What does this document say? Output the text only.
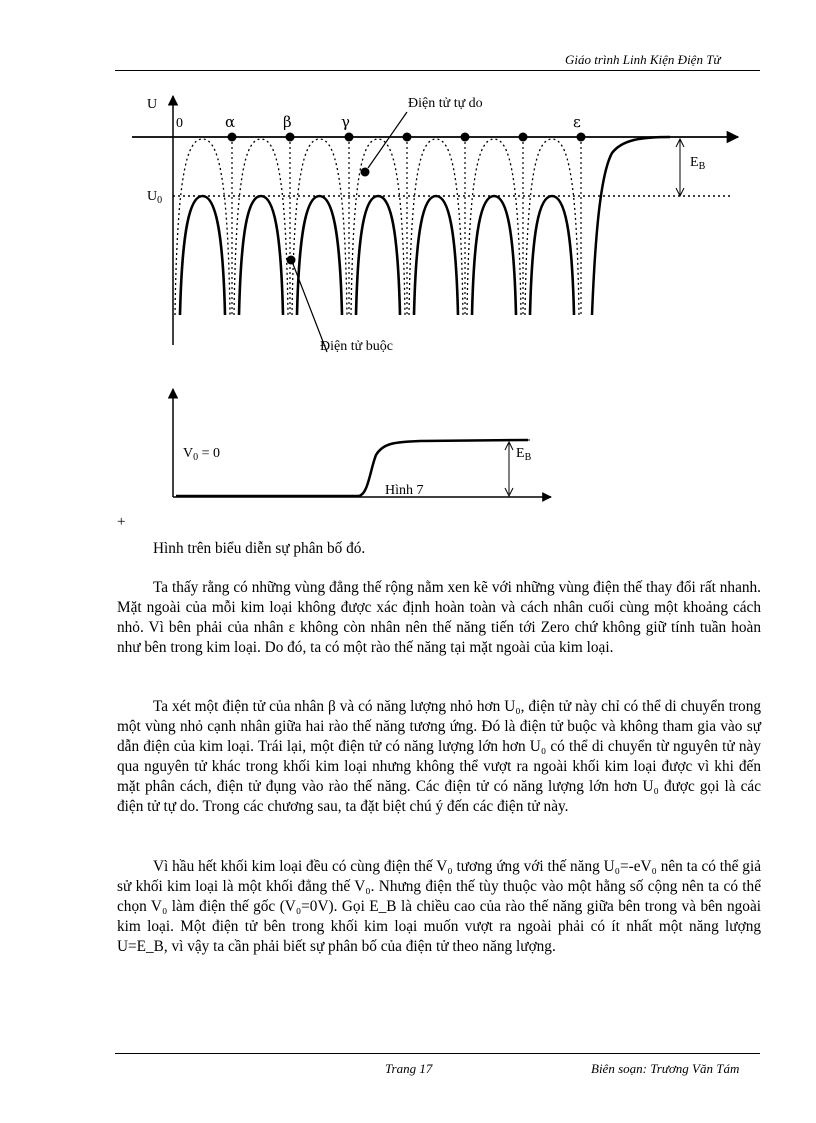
Giáo trình Linh Kiện Điện Tử
U
0	α	β	γ	ε
Điện tử tự do
Điện tử buộc
$U_0$
$E_B$
$V_0 = 0$	$E_B$
Hình 7
+
Hình trên biểu diễn sự phân bố đó.

Ta thấy rằng có những vùng đẳng thế rộng nằm xen kẽ với những vùng điện thế thay đổi rất nhanh. Mặt ngoài của mỗi kim loại không được xác định hoàn toàn và cách nhân cuối cùng một khoảng cách nhỏ. Vì bên phải của nhân ε không còn nhân nên thế năng tiến tới Zero chứ không giữ tính tuần hoàn như bên trong kim loại. Do đó, ta có một rào thế năng tại mặt ngoài của kim loại.

Ta xét một điện tử của nhân β và có năng lượng nhỏ hơn U₀, điện tử này chỉ có thể di chuyển trong một vùng nhỏ cạnh nhân giữa hai rào thế năng tương ứng. Đó là điện tử buộc và không tham gia vào sự dẫn điện của kim loại. Trái lại, một điện tử có năng lượng lớn hơn U₀ có thể di chuyển từ nguyên tử này qua nguyên tử khác trong khối kim loại nhưng không thể vượt ra ngoài khối kim loại được vì khi đến mặt phân cách, điện tử đụng vào rào thế năng. Các điện tử có năng lượng lớn hơn U₀ được gọi là các điện tử tự do. Trong các chương sau, ta đặt biệt chú ý đến các điện tử này.

Vì hầu hết khối kim loại đều có cùng điện thế V₀ tương ứng với thế năng U₀=-eV₀ nên ta có thể giả sử khối kim loại là một khối đẳng thế V₀. Nhưng điện thế tùy thuộc vào một hằng số cộng nên ta có thể chọn V₀ làm điện thế gốc (V₀=0V). Gọi E_B là chiều cao của rào thế năng giữa bên trong và bên ngoài kim loại. Một điện tử bên trong khối kim loại muốn vượt ra ngoài phải có ít nhất một năng lượng U=E_B, vì vậy ta cần phải biết sự phân bố của điện tử theo năng lượng.

Trang 17	Biên soạn: Trương Văn Tám
